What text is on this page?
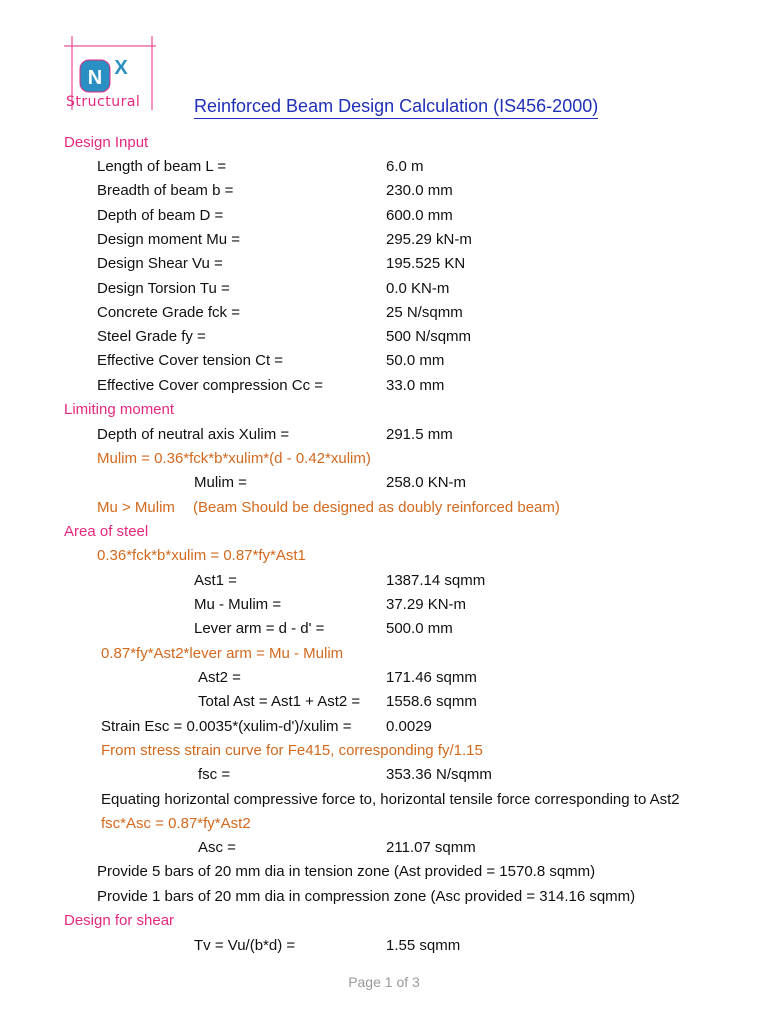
N X
Structural	Reinforced Beam Design Calculation (IS456-2000)
Design Input
Length of beam L =	6.0 m
Breadth of beam b =	230.0 mm
Depth of beam D =	600.0 mm
Design moment Mu =	295.29 kN-m
Design Shear Vu =	195.525 KN
Design Torsion Tu =	0.0 KN-m
Concrete Grade fck =	25 N/sqmm
Steel Grade fy =	500 N/sqmm
Effective Cover tension Ct =	50.0 mm
Effective Cover compression Cc =	33.0 mm
Limiting moment
Depth of neutral axis Xulim =	291.5 mm
Mulim = 0.36*fck*b*xulim*(d - 0.42*xulim)
Mulim =	258.0 KN-m
Mu > Mulim (Beam Should be designed as doubly reinforced beam)
Area of steel
0.36*fck*b*xulim = 0.87*fy*Ast1
Ast1 =	1387.14 sqmm
Mu - Mulim =	37.29 KN-m
Lever arm = d - d' =	500.0 mm
0.87*fy*Ast2*lever arm = Mu - Mulim
Ast2 =	171.46 sqmm
Total Ast = Ast1 + Ast2 = 1558.6 sqmm
Strain Esc = 0.0035*(xulim-d')/xulim = 0.0029
From stress strain curve for Fe415, corresponding fy/1.15
fsc =	353.36 N/sqmm
Equating horizontal compressive force to, horizontal tensile force corresponding to Ast2
fsc*Asc = 0.87*fy*Ast2
Asc =	211.07 sqmm
Provide 5 bars of 20 mm dia in tension zone (Ast provided = 1570.8 sqmm)
Provide 1 bars of 20 mm dia in compression zone (Asc provided = 314.16 sqmm)
Design for shear
Tv = Vu/(b*d) =	1.55 sqmm
Page 1 of 3
